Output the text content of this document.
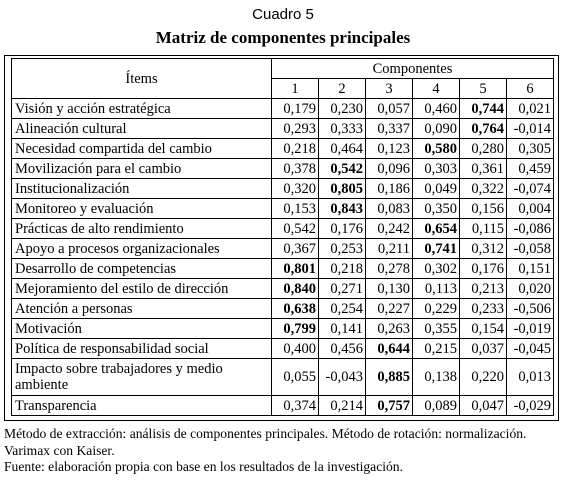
Cuadro 5
Matriz de componentes principales
Ítems	Componentes					
	1	2	3	4	5	6
Visión y acción estratégica	0,179	0,230	0,057	0,460	0,744	0,021
Alineación cultural	0,293	0,333	0,337	0,090	0,764	-0,014
Necesidad compartida del cambio	0,218	0,464	0,123	0,580	0,280	0,305
Movilización para el cambio	0,378	0,542	0,096	0,303	0,361	0,459
Institucionalización	0,320	0,805	0,186	0,049	0,322	-0,074
Monitoreo y evaluación	0,153	0,843	0,083	0,350	0,156	0,004
Prácticas de alto rendimiento	0,542	0,176	0,242	0,654	0,115	-0,086
Apoyo a procesos organizacionales	0,367	0,253	0,211	0,741	0,312	-0,058
Desarrollo de competencias	0,801	0,218	0,278	0,302	0,176	0,151
Mejoramiento del estilo de dirección	0,840	0,271	0,130	0,113	0,213	0,020
Atención a personas	0,638	0,254	0,227	0,229	0,233	-0,506
Motivación	0,799	0,141	0,263	0,355	0,154	-0,019
Política de responsabilidad social	0,400	0,456	0,644	0,215	0,037	-0,045
Impacto sobre trabajadores y medio ambiente	0,055	-0,043	0,885	0,138	0,220	0,013
Transparencia	0,374	0,214	0,757	0,089	0,047	-0,029
Método de extracción: análisis de componentes principales. Método de rotación: normalización.
Varimax con Kaiser.
Fuente: elaboración propia con base en los resultados de la investigación.
